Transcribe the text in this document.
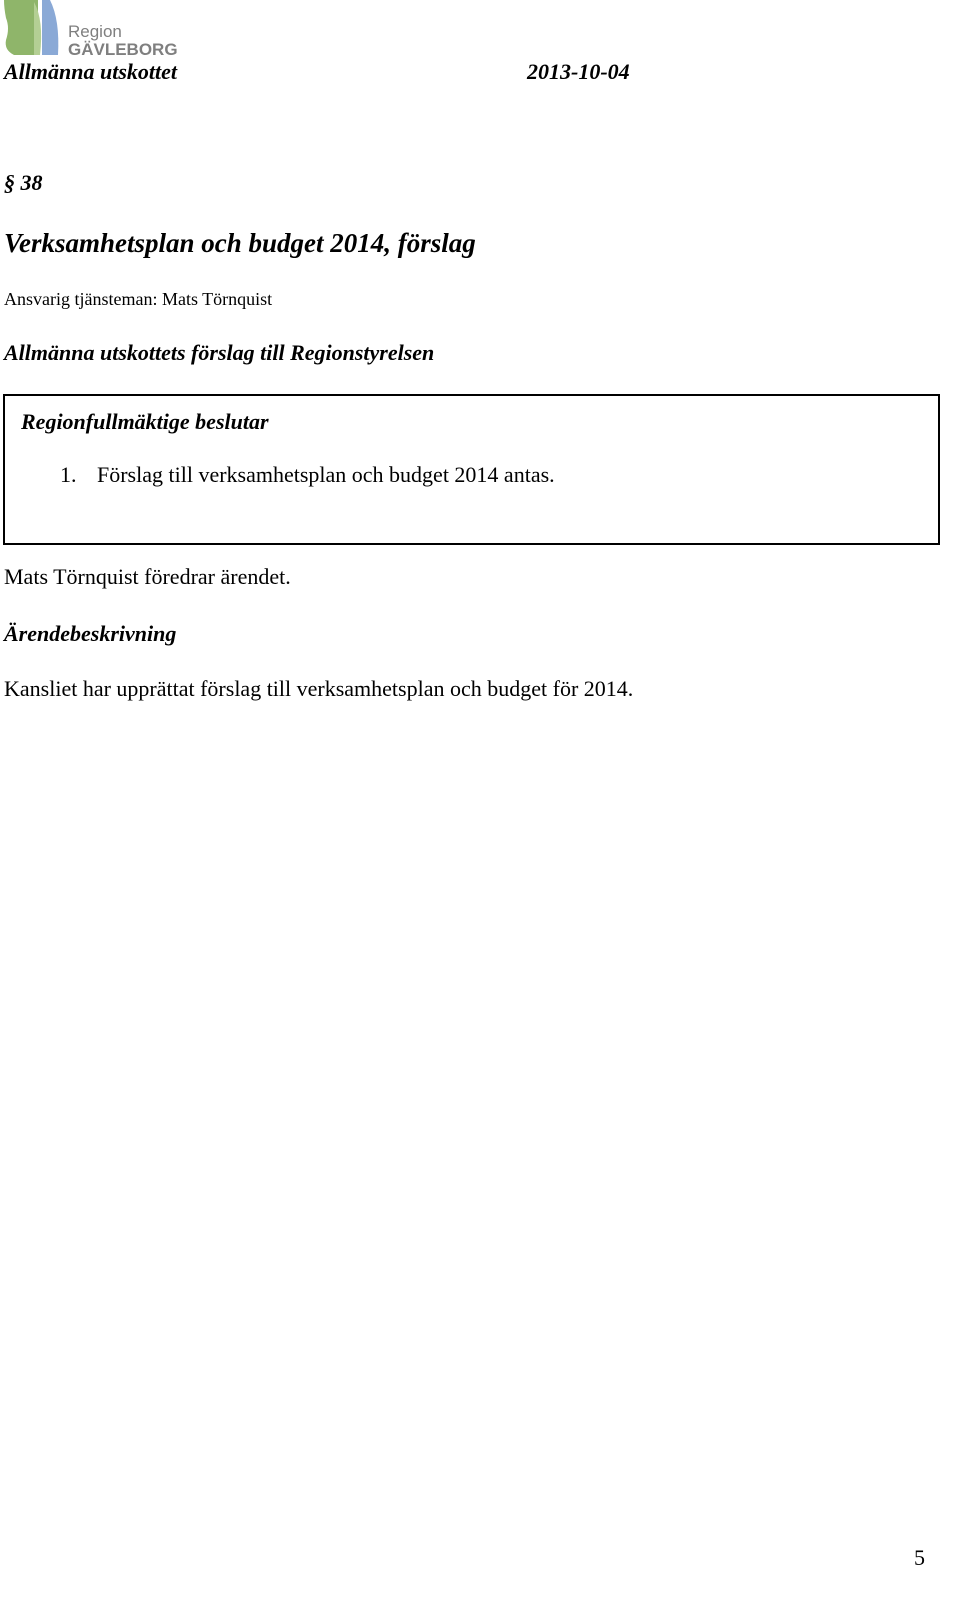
Region
GÄVLEBORG
Allmänna utskottet	2013-10-04
§ 38
Verksamhetsplan och budget 2014, förslag
Ansvarig tjänsteman: Mats Törnquist
Allmänna utskottets förslag till Regionstyrelsen
Regionfullmäktige beslutar
1. Förslag till verksamhetsplan och budget 2014 antas.
Mats Törnquist föredrar ärendet.
Ärendebeskrivning
Kansliet har upprättat förslag till verksamhetsplan och budget för 2014.
5
